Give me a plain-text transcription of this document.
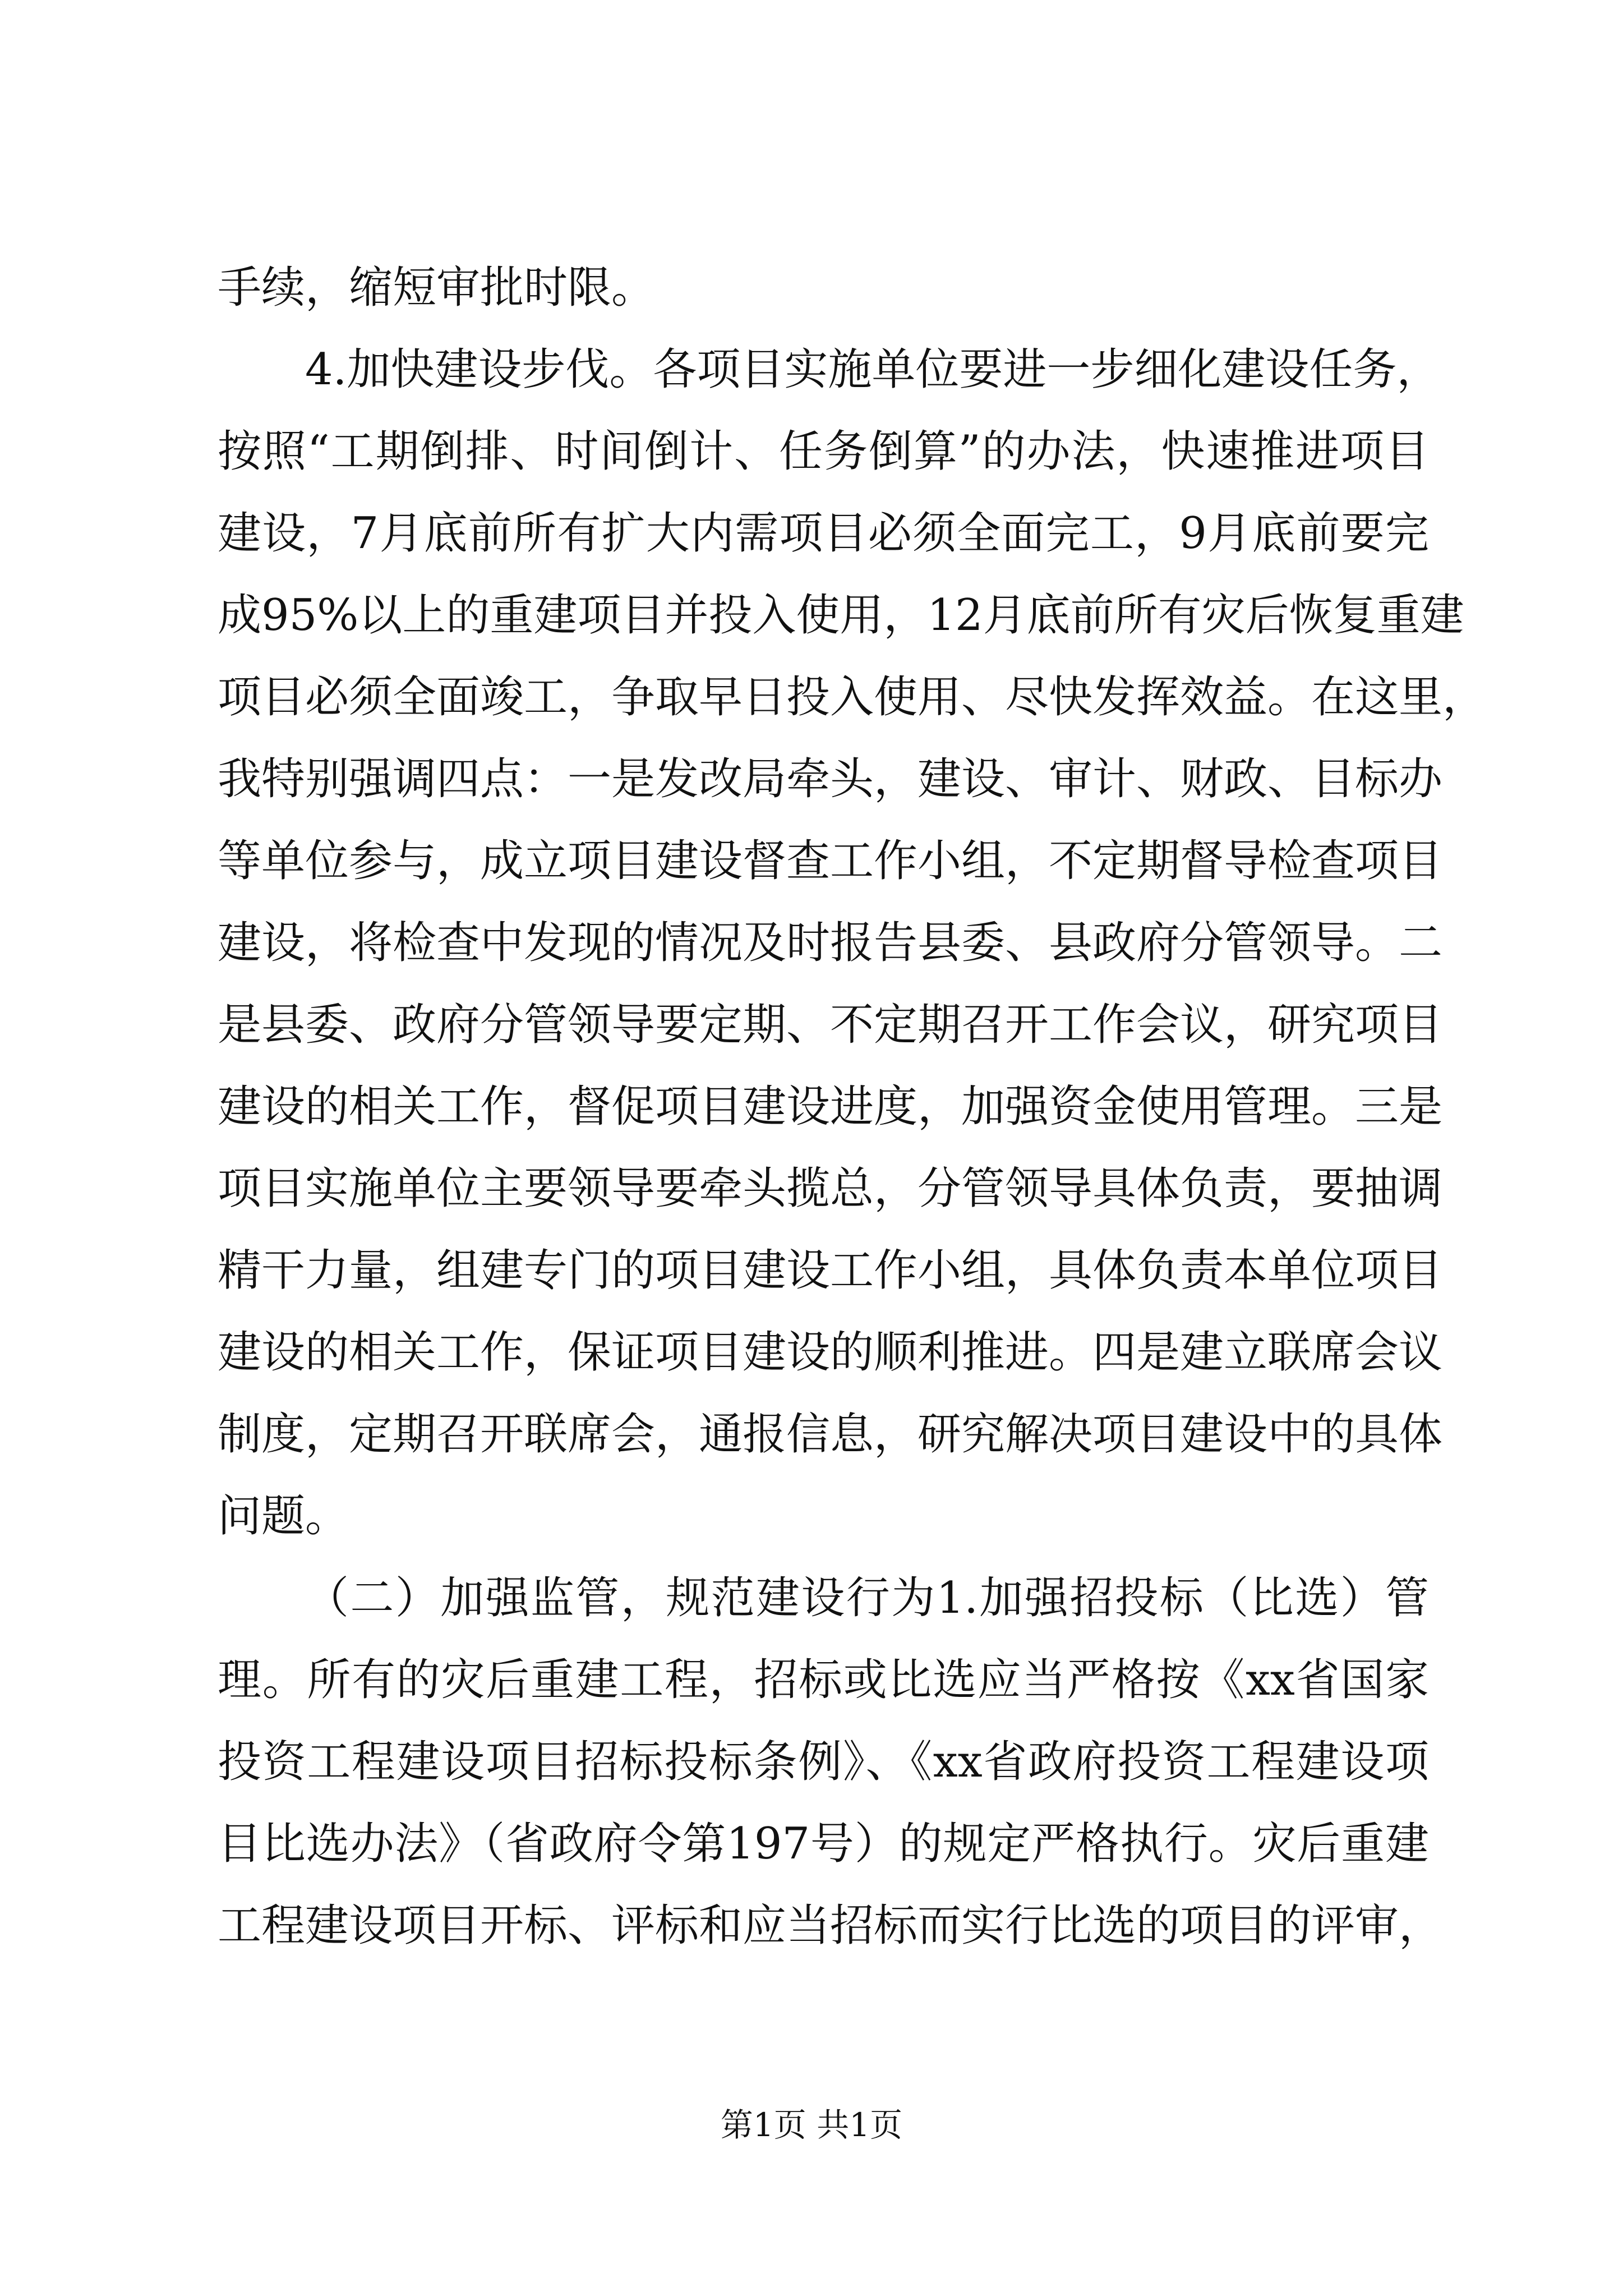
手续，缩短审批时限。

4.加快建设步伐。各项目实施单位要进一步细化建设任务，

按照“工期倒排、时间倒计、任务倒算”的办法，快速推进项目

建设，7月底前所有扩大内需项目必须全面完工，9月底前要完

成95%以上的重建项目并投入使用，12月底前所有灾后恢复重建

项目必须全面竣工，争取早日投入使用、尽快发挥效益。在这里，

我特别强调四点：一是发改局牵头，建设、审计、财政、目标办

等单位参与，成立项目建设督查工作小组，不定期督导检查项目

建设，将检查中发现的情况及时报告县委、县政府分管领导。二

是县委、政府分管领导要定期、不定期召开工作会议，研究项目

建设的相关工作，督促项目建设进度，加强资金使用管理。三是

项目实施单位主要领导要牵头揽总，分管领导具体负责，要抽调

精干力量，组建专门的项目建设工作小组，具体负责本单位项目

建设的相关工作，保证项目建设的顺利推进。四是建立联席会议

制度，定期召开联席会，通报信息，研究解决项目建设中的具体

问题。

（二）加强监管，规范建设行为1.加强招投标（比选）管

理。所有的灾后重建工程，招标或比选应当严格按《xx省国家

投资工程建设项目招标投标条例》、《xx省政府投资工程建设项

目比选办法》（省政府令第197号）的规定严格执行。灾后重建

工程建设项目开标、评标和应当招标而实行比选的项目的评审，

第1页 共1页
